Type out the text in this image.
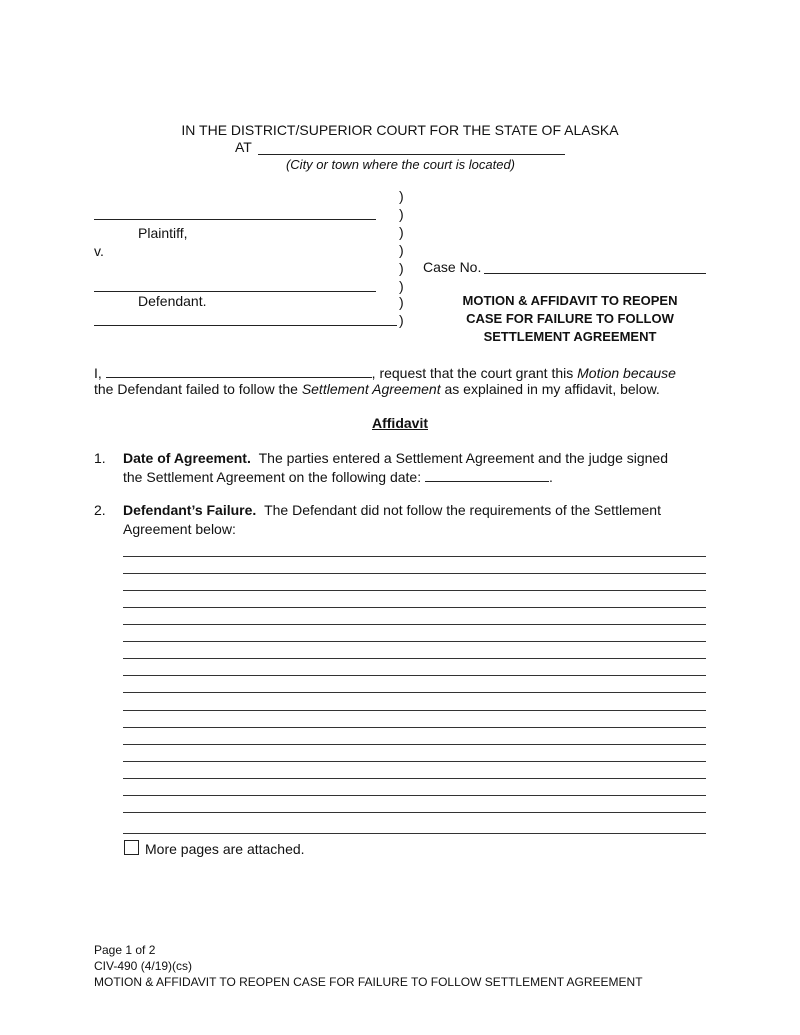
IN THE DISTRICT/SUPERIOR COURT FOR THE STATE OF ALASKA
AT
(City or town where the court is located)
Plaintiff,
v.
Defendant.
)
)
)
)
)
)
)
)
Case No.
MOTION & AFFIDAVIT TO REOPEN
CASE FOR FAILURE TO FOLLOW
SETTLEMENT AGREEMENT
I,	, request that the court grant this Motion because
the Defendant failed to follow the Settlement Agreement as explained in my affidavit, below.
Affidavit
1. Date of Agreement. The parties entered a Settlement Agreement and the judge signed
the Settlement Agreement on the following date:	.
2. Defendant’s Failure. The Defendant did not follow the requirements of the Settlement
Agreement below:
More pages are attached.
Page 1 of 2
CIV-490 (4/19)(cs)
MOTION & AFFIDAVIT TO REOPEN CASE FOR FAILURE TO FOLLOW SETTLEMENT AGREEMENT
